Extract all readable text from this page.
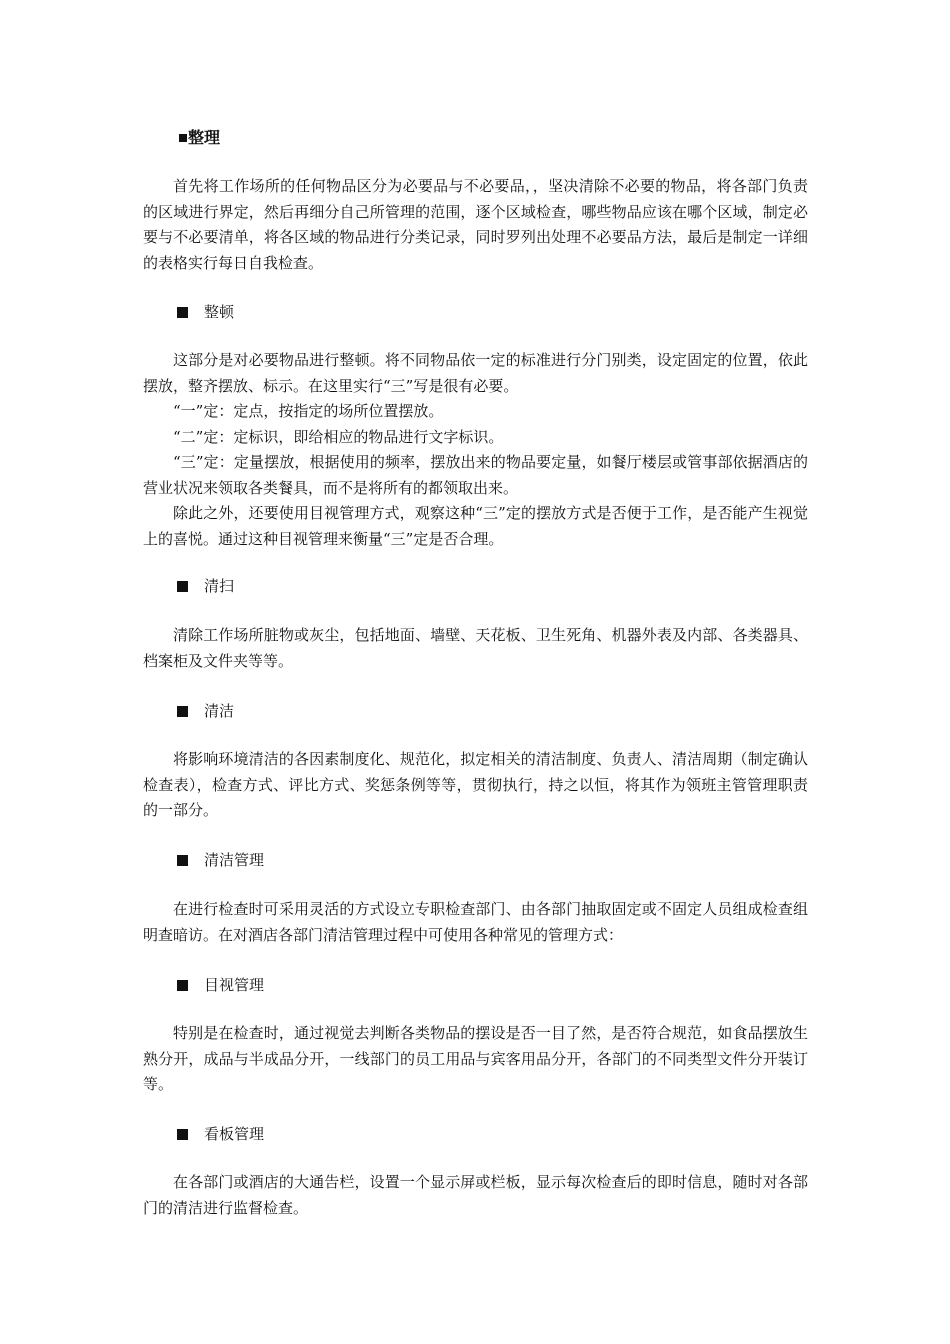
整理

首先将工作场所的任何物品区分为必要品与不必要品，，坚决清除不必要的物品，将各部门负责的区域进行界定，然后再细分自己所管理的范围，逐个区域检查，哪些物品应该在哪个区域，制定必要与不必要清单，将各区域的物品进行分类记录，同时罗列出处理不必要品方法，最后是制定一详细的表格实行每日自我检查。

整顿

这部分是对必要物品进行整顿。将不同物品依一定的标准进行分门别类，设定固定的位置，依此摆放，整齐摆放、标示。在这里实行“三”写是很有必要。

“一”定：定点，按指定的场所位置摆放。

“二”定：定标识，即给相应的物品进行文字标识。

“三”定：定量摆放，根据使用的频率，摆放出来的物品要定量，如餐厅楼层或管事部依据酒店的营业状况来领取各类餐具，而不是将所有的都领取出来。

除此之外，还要使用目视管理方式，观察这种“三”定的摆放方式是否便于工作，是否能产生视觉上的喜悦。通过这种目视管理来衡量“三”定是否合理。

清扫

清除工作场所脏物或灰尘，包括地面、墙壁、天花板、卫生死角、机器外表及内部、各类器具、档案柜及文件夹等等。

清洁

将影响环境清洁的各因素制度化、规范化，拟定相关的清洁制度、负责人、清洁周期（制定确认检查表），检查方式、评比方式、奖惩条例等等，贯彻执行，持之以恒，将其作为领班主管管理职责的一部分。

清洁管理

在进行检查时可采用灵活的方式设立专职检查部门、由各部门抽取固定或不固定人员组成检查组明查暗访。在对酒店各部门清洁管理过程中可使用各种常见的管理方式：

目视管理

特别是在检查时，通过视觉去判断各类物品的摆设是否一目了然，是否符合规范，如食品摆放生熟分开，成品与半成品分开，一线部门的员工用品与宾客用品分开，各部门的不同类型文件分开装订等。

看板管理

在各部门或酒店的大通告栏，设置一个显示屏或栏板，显示每次检查后的即时信息，随时对各部门的清洁进行监督检查。
